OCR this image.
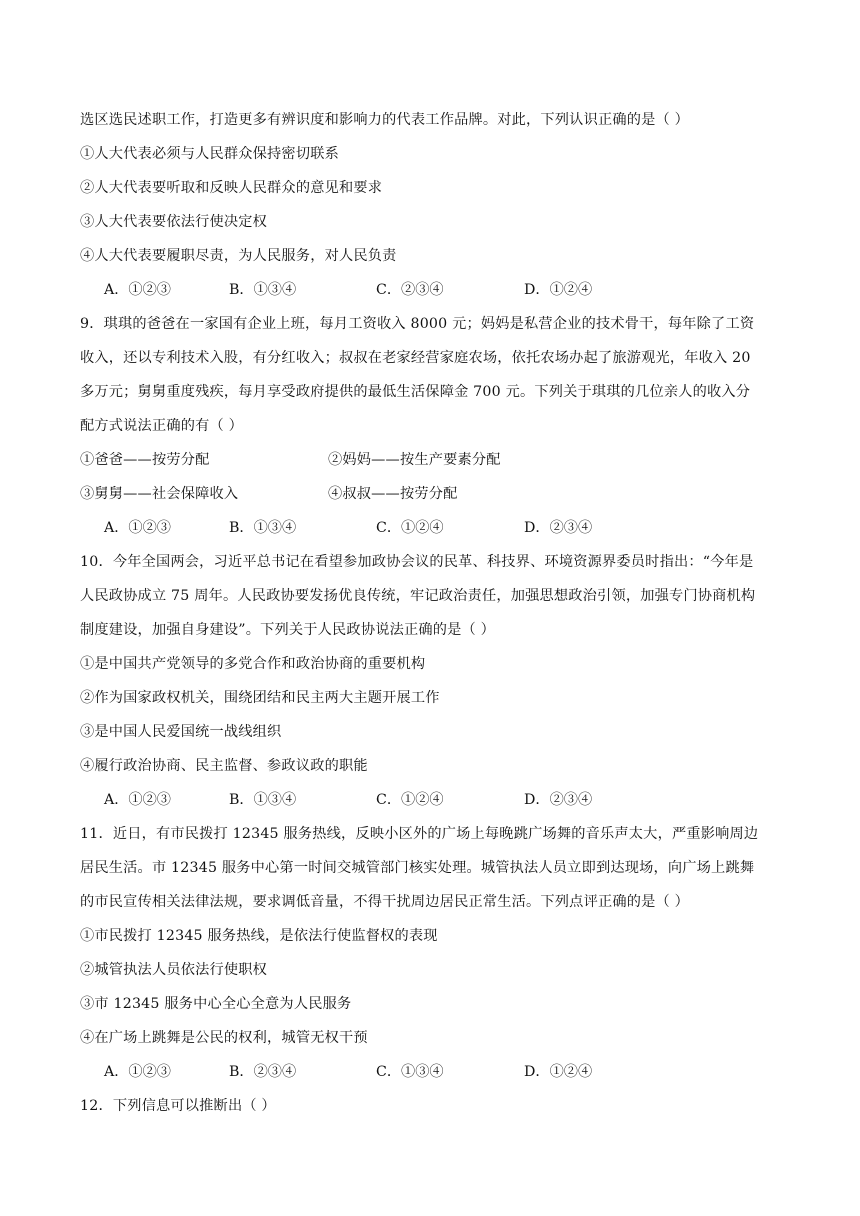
选区选民述职工作，打造更多有辨识度和影响力的代表工作品牌。对此，下列认识正确的是（ ）
①人大代表必须与人民群众保持密切联系
②人大代表要听取和反映人民群众的意见和要求
③人大代表要依法行使决定权
④人大代表要履职尽责，为人民服务，对人民负责
A．①②③	B．①③④	C．②③④	D．①②④
9．琪琪的爸爸在一家国有企业上班，每月工资收入 8000 元；妈妈是私营企业的技术骨干，每年除了工资
收入，还以专利技术入股，有分红收入；叔叔在老家经营家庭农场，依托农场办起了旅游观光，年收入 20
多万元；舅舅重度残疾，每月享受政府提供的最低生活保障金 700 元。下列关于琪琪的几位亲人的收入分
配方式说法正确的有（ ）
①爸爸——按劳分配	②妈妈——按生产要素分配
③舅舅——社会保障收入	④叔叔——按劳分配
A．①②③	B．①③④	C．①②④	D．②③④
10．今年全国两会，习近平总书记在看望参加政协会议的民革、科技界、环境资源界委员时指出：“今年是
人民政协成立 75 周年。人民政协要发扬优良传统，牢记政治责任，加强思想政治引领，加强专门协商机构
制度建设，加强自身建设”。下列关于人民政协说法正确的是（ ）
①是中国共产党领导的多党合作和政治协商的重要机构
②作为国家政权机关，围绕团结和民主两大主题开展工作
③是中国人民爱国统一战线组织
④履行政治协商、民主监督、参政议政的职能
A．①②③	B．①③④	C．①②④	D．②③④
11．近日，有市民拨打 12345 服务热线，反映小区外的广场上每晚跳广场舞的音乐声太大，严重影响周边
居民生活。市 12345 服务中心第一时间交城管部门核实处理。城管执法人员立即到达现场，向广场上跳舞
的市民宣传相关法律法规，要求调低音量，不得干扰周边居民正常生活。下列点评正确的是（ ）
①市民拨打 12345 服务热线，是依法行使监督权的表现
②城管执法人员依法行使职权
③市 12345 服务中心全心全意为人民服务
④在广场上跳舞是公民的权利，城管无权干预
A．①②③	B．②③④	C．①③④	D．①②④
12．下列信息可以推断出（ ）
